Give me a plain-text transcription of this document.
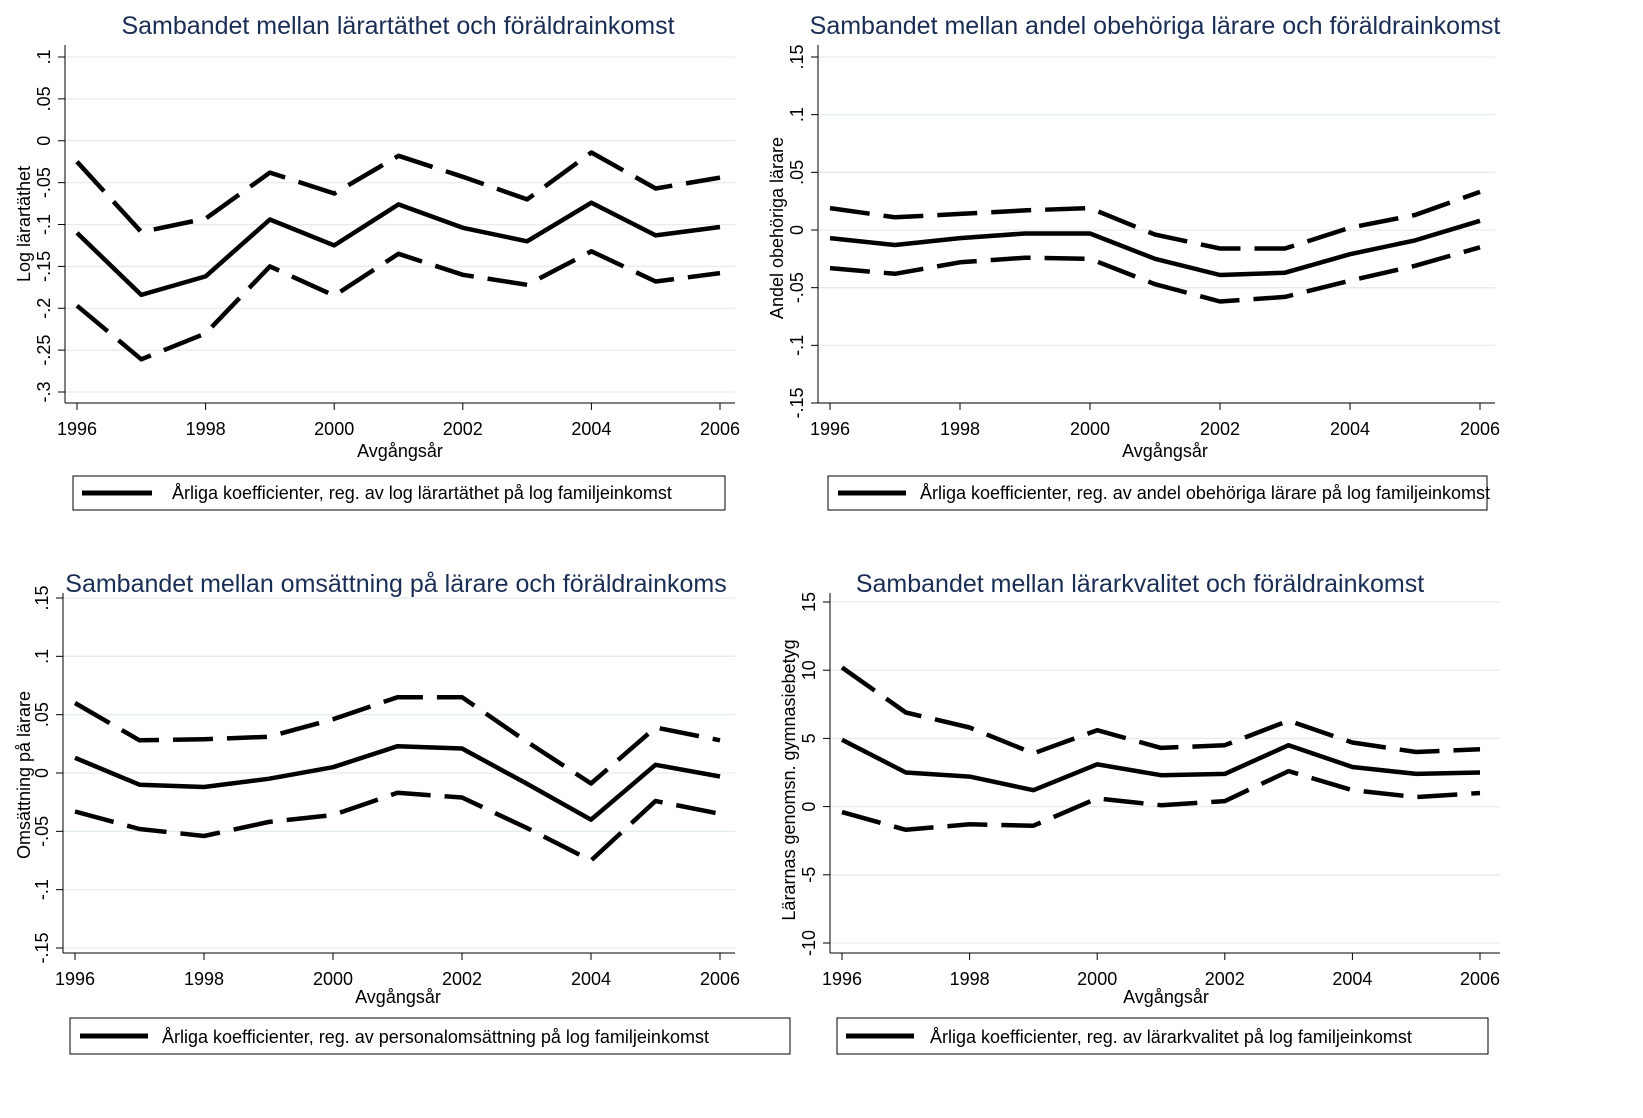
Sambandet mellan lärartäthet och föräldrainkomst
-.3
-.25
-.2
-.15
-.1
-.05
0
.05
.1
1996	1998	2000	2002	2004	2006
Log lärartäthet
Avgångsår
Årliga koefficienter, reg. av log lärartäthet på log familjeinkomst
Sambandet mellan andel obehöriga lärare och föräldrainkomst
-.15
-.1
-.05
0
.05
.1
.15
1996	1998	2000	2002	2004	2006
Andel obehöriga lärare
Avgångsår
Årliga koefficienter, reg. av andel obehöriga lärare på log familjeinkomst
Sambandet mellan omsättning på lärare och föräldrainkoms
-.15
-.1
-.05
0
.05
.1
.15
1996	1998	2000	2002	2004	2006
Omsättning på lärare
Avgångsår
Årliga koefficienter, reg. av personalomsättning på log familjeinkomst
Sambandet mellan lärarkvalitet och föräldrainkomst
-10
-5
0
5
10
15
1996	1998	2000	2002	2004	2006
Lärarnas genomsn. gymnasiebetyg
Avgångsår
Årliga koefficienter, reg. av lärarkvalitet på log familjeinkomst
